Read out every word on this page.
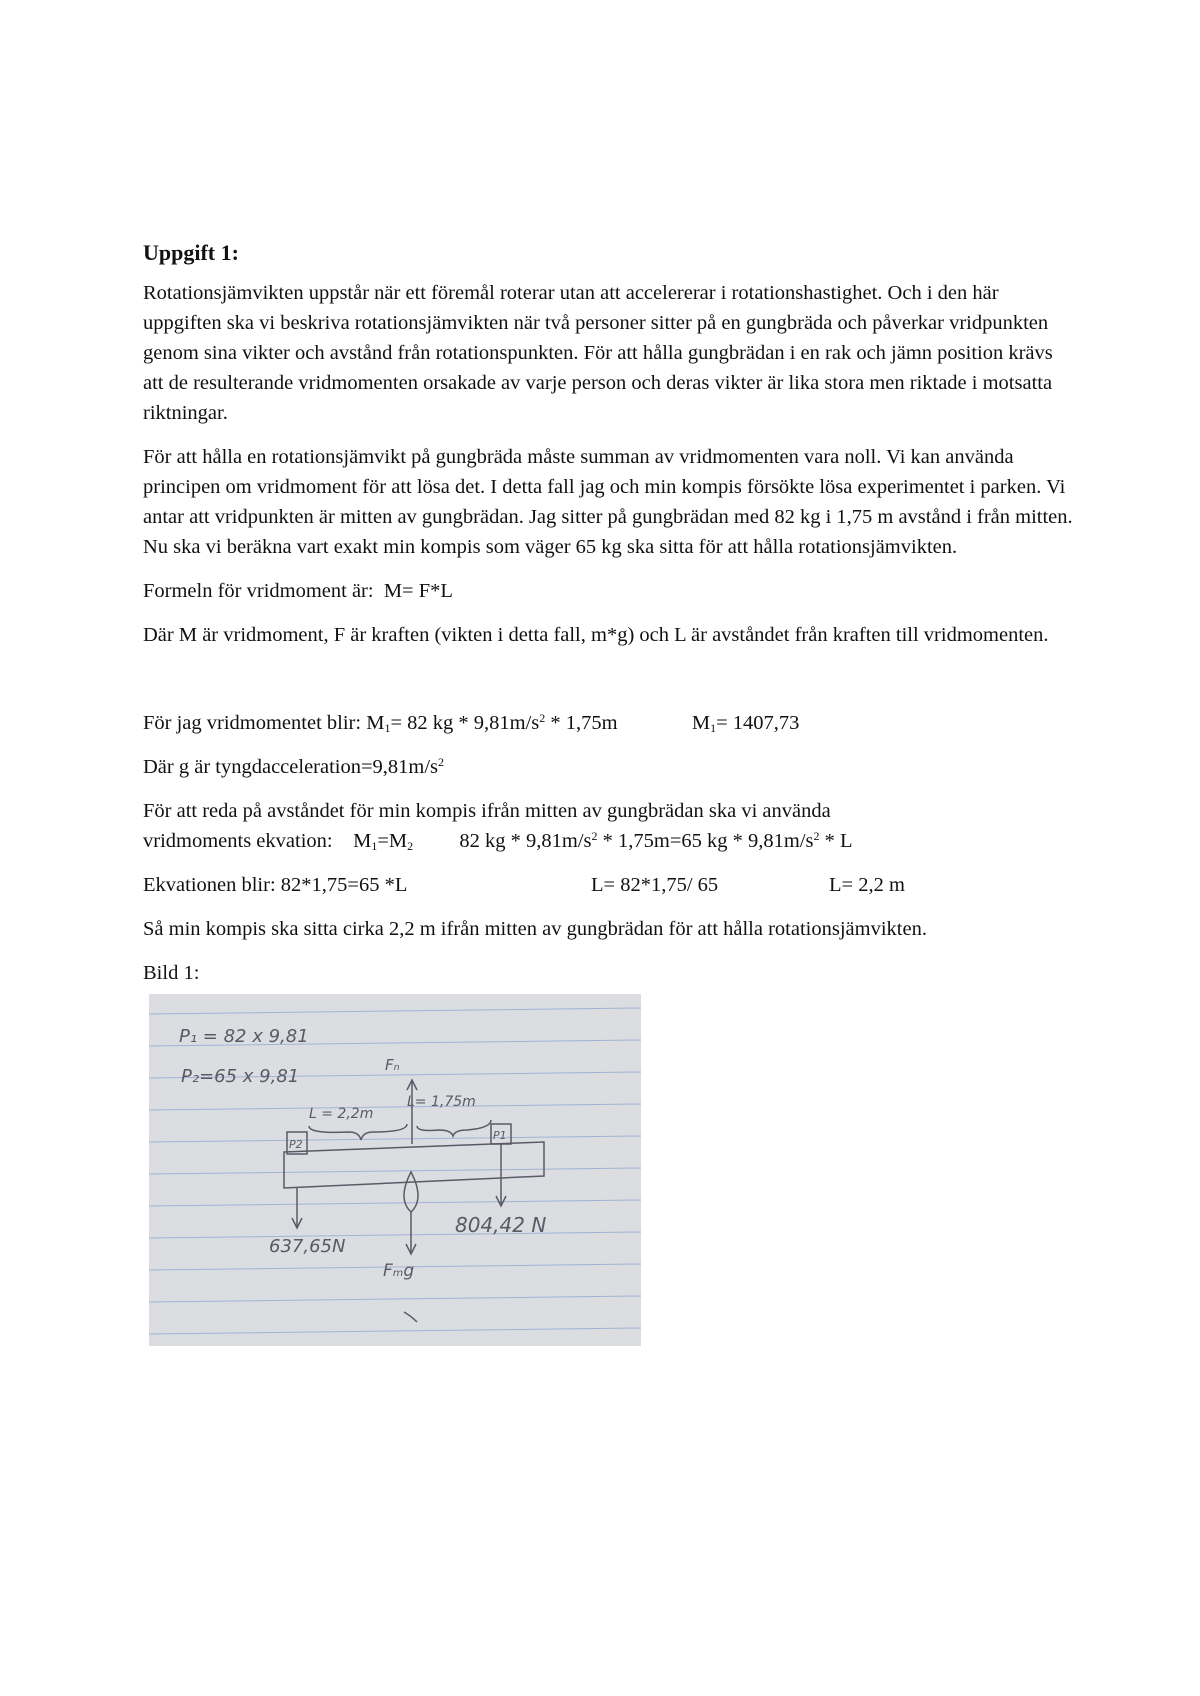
Uppgift 1:

Rotationsjämvikten uppstår när ett föremål roterar utan att accelererar i rotationshastighet. Och i den här uppgiften ska vi beskriva rotationsjämvikten när två personer sitter på en gungbräda och påverkar vridpunkten genom sina vikter och avstånd från rotationspunkten. För att hålla gungbrädan i en rak och jämn position krävs att de resulterande vridmomenten orsakade av varje person och deras vikter är lika stora men riktade i motsatta riktningar.

För att hålla en rotationsjämvikt på gungbräda måste summan av vridmomenten vara noll. Vi kan använda principen om vridmoment för att lösa det. I detta fall jag och min kompis försökte lösa experimentet i parken. Vi antar att vridpunkten är mitten av gungbrädan. Jag sitter på gungbrädan med 82 kg i 1,75 m avstånd i från mitten. Nu ska vi beräkna vart exakt min kompis som väger 65 kg ska sitta för att hålla rotationsjämvikten.

Formeln för vridmoment är: M= F*L

Där M är vridmoment, F är kraften (vikten i detta fall, m*g) och L är avståndet från kraften till vridmomenten.

För jag vridmomentet blir: $M_1= 82$ kg * $9,81m/s^2 * 1,75m$	$M_1= 1407,73$

Där g är $tyngdacceleration=9,81m/s^2$

För att reda på avståndet för min kompis ifrån mitten av gungbrädan ska vi använda
vridmoments ekvation: $M_1=M_2$ 82 kg * $9,81m/s^2 * 1,75m=65$ kg * $9,81m/s^2$ * L

Ekvationen blir: 82*1,75=65 *L	L= 82*1,75/ 65	L= 2,2 m

Så min kompis ska sitta cirka 2,2 m ifrån mitten av gungbrädan för att hålla rotationsjämvikten.

Bild 1:

P₁ = 82 x 9,81
P₂=65 x 9,81
Fₙ
L = 2,2m
L= 1,75m
P2
P1
637,65N
804,42 N
Fₘg
